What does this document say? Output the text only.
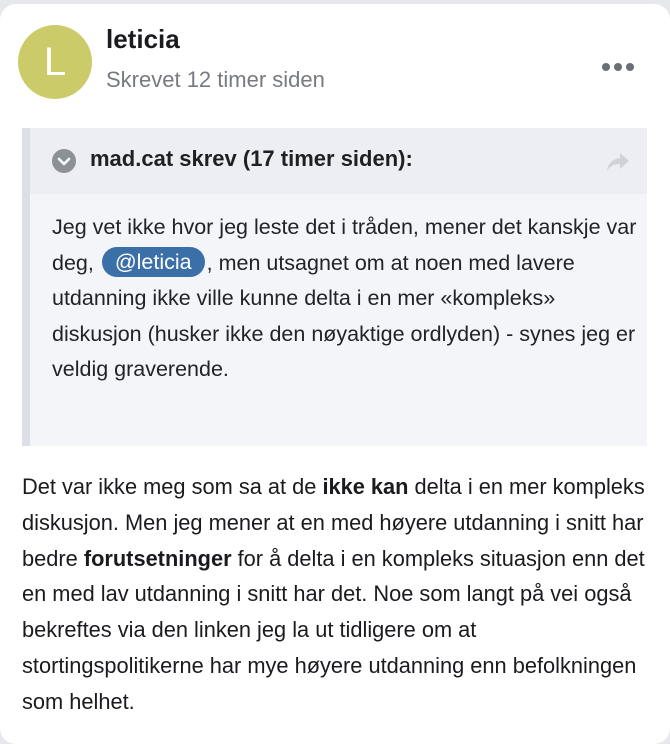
L
leticia
Skrevet 12 timer siden
mad.cat skrev (17 timer siden):
Jeg vet ikke hvor jeg leste det i tråden, mener det kanskje var deg, @leticia , men utsagnet om at noen med lavere utdanning ikke ville kunne delta i en mer «kompleks» diskusjon (husker ikke den nøyaktige ordlyden) - synes jeg er veldig graverende.
Det var ikke meg som sa at de ikke kan delta i en mer kompleks diskusjon. Men jeg mener at en med høyere utdanning i snitt har bedre forutsetninger for å delta i en kompleks situasjon enn det en med lav utdanning i snitt har det. Noe som langt på vei også bekreftes via den linken jeg la ut tidligere om at stortingspolitikerne har mye høyere utdanning enn befolkningen som helhet.
